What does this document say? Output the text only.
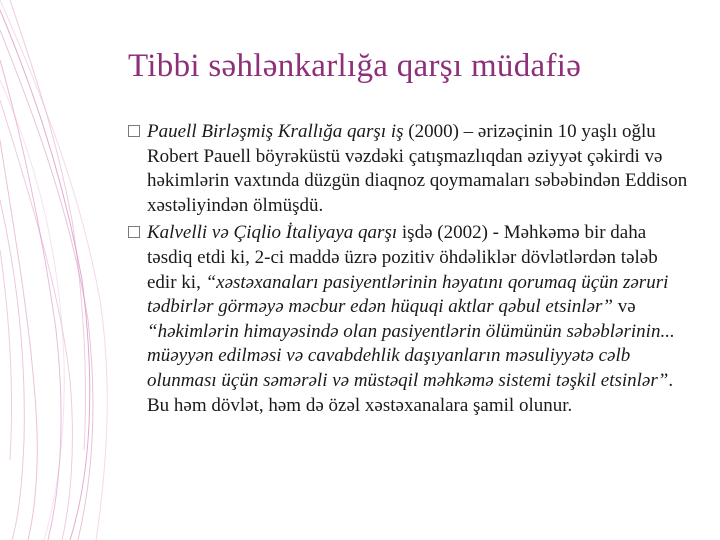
Tibbi səhlənkarlığa qarşı müdafiə

Pauell Birləşmiş Krallığa qarşı iş (2000) – ərizəçinin 10 yaşlı oğlu Robert Pauell böyrəküstü vəzdəki çatışmazlıqdan əziyyət çəkirdi və həkimlərin vaxtında düzgün diaqnoz qoymamaları səbəbindən Eddison xəstəliyindən ölmüşdü.

Kalvelli və Çiqlio İtaliyaya qarşı işdə (2002) - Məhkəmə bir daha təsdiq etdi ki, 2-ci maddə üzrə pozitiv öhdəliklər dövlətlərdən tələb edir ki, “xəstəxanaları pasiyentlərinin həyatını qorumaq üçün zəruri tədbirlər görməyə məcbur edən hüquqi aktlar qəbul etsinlər” və “həkimlərin himayəsində olan pasiyentlərin ölümünün səbəblərinin... müəyyən edilməsi və cavabdehlik daşıyanların məsuliyyətə cəlb olunması üçün səmərəli və müstəqil məhkəmə sistemi təşkil etsinlər”. Bu həm dövlət, həm də özəl xəstəxanalara şamil olunur.
